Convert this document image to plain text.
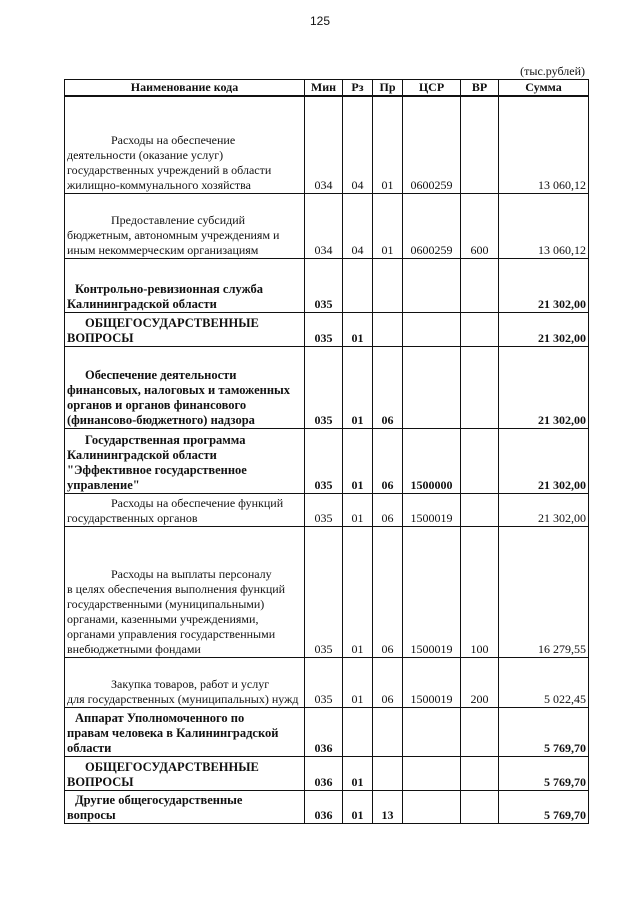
125
(тыс.рублей)
Наименование кода	Мин	Рз	Пр	ЦСР	ВР	Сумма

Расходы на обеспечение
деятельности (оказание услуг) государственных учреждений в области жилищно-коммунального хозяйства	034	04	01	0600259		13 060,12

Предоставление субсидий
бюджетным, автономным учреждениям и иным некоммерческим организациям	034	04	01	0600259	600	13 060,12

Контрольно-ревизионная служба
Калининградской области	035					21 302,00

ОБЩЕГОСУДАРСТВЕННЫЕ
ВОПРОСЫ	035	01				21 302,00

Обеспечение деятельности
финансовых, налоговых и таможенных органов и органов финансового (финансово-бюджетного) надзора	035	01	06			21 302,00

Государственная программа
Калининградской области "Эффективное государственное управление"	035	01	06	1500000		21 302,00

Расходы на обеспечение функций
государственных органов	035	01	06	1500019		21 302,00

Расходы на выплаты персоналу
в целях обеспечения выполнения функций государственными (муниципальными) органами, казенными учреждениями, органами управления государственными внебюджетными фондами	035	01	06	1500019	100	16 279,55

Закупка товаров, работ и услуг
для государственных (муниципальных) нужд	035	01	06	1500019	200	5 022,45

Аппарат Уполномоченного по
правам человека в Калининградской области	036					5 769,70

ОБЩЕГОСУДАРСТВЕННЫЕ
ВОПРОСЫ	036	01				5 769,70

Другие общегосударственные
вопросы	036	01	13			5 769,70
